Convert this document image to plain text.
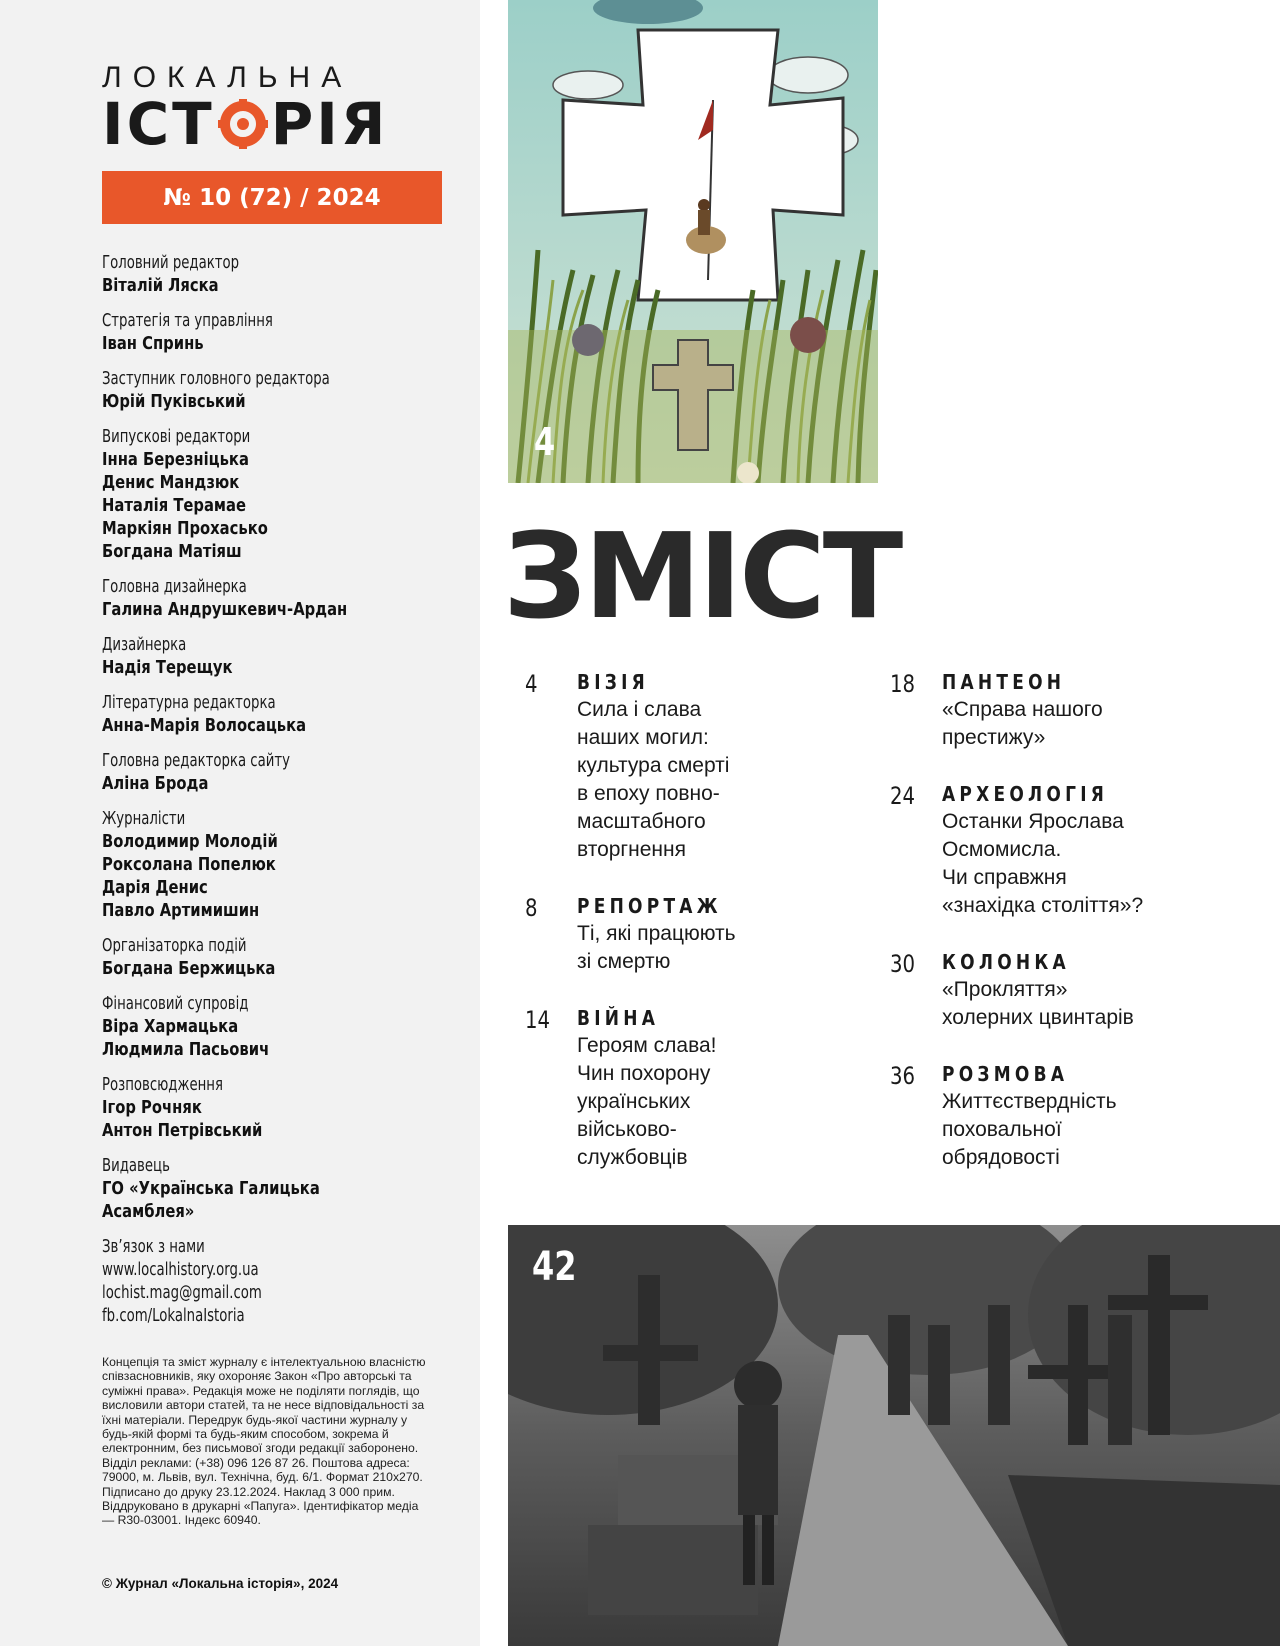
ЛОКАЛЬНА
ІСТ РІЯ
№ 10 (72) / 2024
Головний редактор
Віталій Ляска
Стратегія та управління
Іван Спринь
Заступник головного редактора
Юрій Пуківський
Випускові редактори
Інна Березніцька
Денис Мандзюк
Наталія Терамае
Маркіян Прохасько
Богдана Матіяш
Головна дизайнерка
Галина Андрушкевич-Ардан
Дизайнерка
Надія Терещук
Літературна редакторка
Анна-Марія Волосацька
Головна редакторка сайту
Аліна Брода
Журналісти
Володимир Молодій
Роксолана Попелюк
Дарія Денис
Павло Артимишин
Організаторка подій
Богдана Бержицька
Фінансовий супровід
Віра Хармацька
Людмила Пасьович
Розповсюдження
Ігор Рочняк
Антон Петрівський
Видавець
ГО «Українська Галицька
Асамблея»
Зв’язок з нами
www.localhistory.org.ua
lochist.mag@gmail.com
fb.com/LokalnaIstoria
Концепція та зміст журналу є інтелектуальною власністю співзасновників, яку охороняє Закон «Про авторські та суміжні права». Редакція може не поділяти поглядів, що висловили автори статей, та не несе відповідальності за їхні матеріали. Передрук будь-якої частини журналу у будь-якій формі та будь-яким способом, зокрема й електронним, без письмової згоди редакції заборонено. Відділ реклами: (+38) 096 126 87 26. Поштова адреса: 79000, м. Львів, вул. Технічна, буд. 6/1. Формат 210x270. Підписано до друку 23.12.2024. Наклад 3 000 прим. Віддруковано в друкарні «Папуга». Ідентифікатор медіа — R30-03001. Індекс 60940.
© Журнал «Локальна історія», 2024
4
ЗМІСТ
4 ВІЗІЯ
Сила і слава
наших могил:
культура смерті
в епоху повно-
масштабного
вторгнення
8 РЕПОРТАЖ
Ті, які працюють
зі смертю
14 ВІЙНА
Героям слава!
Чин похорону
українських
військово-
службовців
18 ПАНТЕОН
«Справа нашого
престижу»
24 АРХЕОЛОГІЯ
Останки Ярослава
Осмомисла.
Чи справжня
«знахідка століття»?
30 КОЛОНКА
«Прокляття»
холерних цвинтарів
36 РОЗМОВА
Життєствердність
поховальної
обрядовості
42
